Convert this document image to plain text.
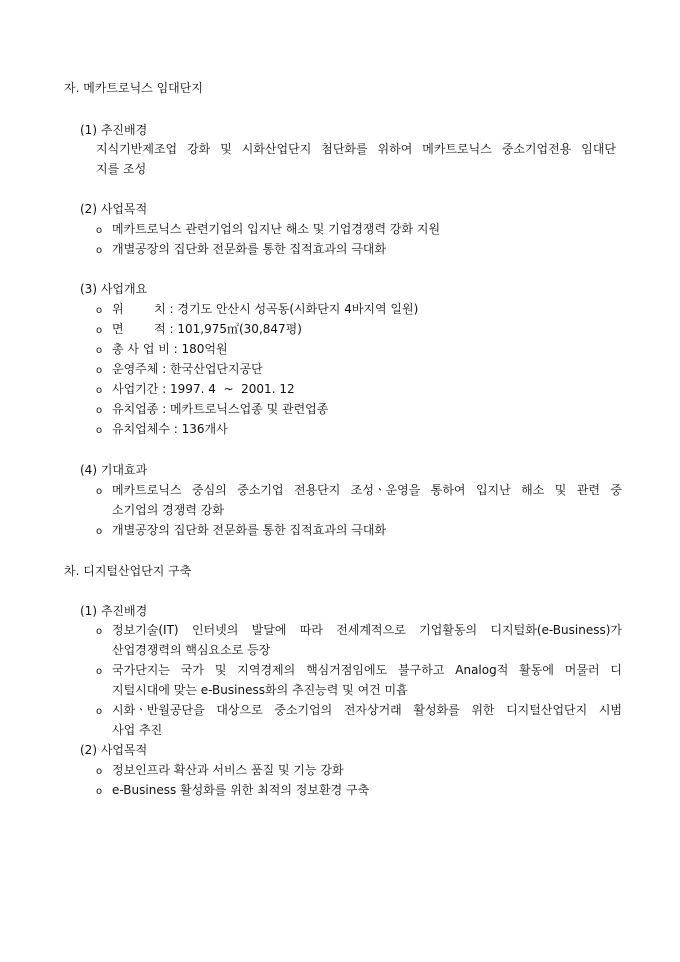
자. 메카트로닉스 임대단지
(1) 추진배경
지식기반제조업 강화 및 시화산업단지 첨단화를 위하여 메카트로닉스 중소기업전용 임대단
지를 조성
(2) 사업목적
o 메카트로닉스 관련기업의 입지난 해소 및 기업경쟁력 강화 지원
o 개별공장의 집단화 전문화를 통한 집적효과의 극대화
(3) 사업개요
o 위        치 : 경기도 안산시 성곡동(시화단지 4바지역 일원)
o 면        적 : 101,975㎡(30,847평)
o 총 사 업 비 : 180억원
o 운영주체 : 한국산업단지공단
o 사업기간 : 1997. 4  ~  2001. 12
o 유치업종 : 메카트로닉스업종 및 관련업종
o 유치업체수 : 136개사
(4) 기대효과
o 메카트로닉스 중심의 중소기업 전용단지 조성ㆍ운영을 통하여 입지난 해소 및 관련 중
소기업의 경쟁력 강화
o 개별공장의 집단화 전문화를 통한 집적효과의 극대화
차. 디지털산업단지 구축
(1) 추진배경
o 정보기술(IT) 인터넷의 발달에 따라 전세계적으로 기업활동의 디지털화(e-Business)가
산업경쟁력의 핵심요소로 등장
o 국가단지는 국가 및 지역경제의 핵심거점임에도 불구하고 Analog적 활동에 머물러 디
지털시대에 맞는 e-Business화의 추진능력 및 여건 미흡
o 시화ㆍ반월공단을 대상으로 중소기업의 전자상거래 활성화를 위한 디지털산업단지 시범
사업 추진
(2) 사업목적
o 정보인프라 확산과 서비스 품질 및 기능 강화
o e-Business 활성화를 위한 최적의 정보환경 구축
